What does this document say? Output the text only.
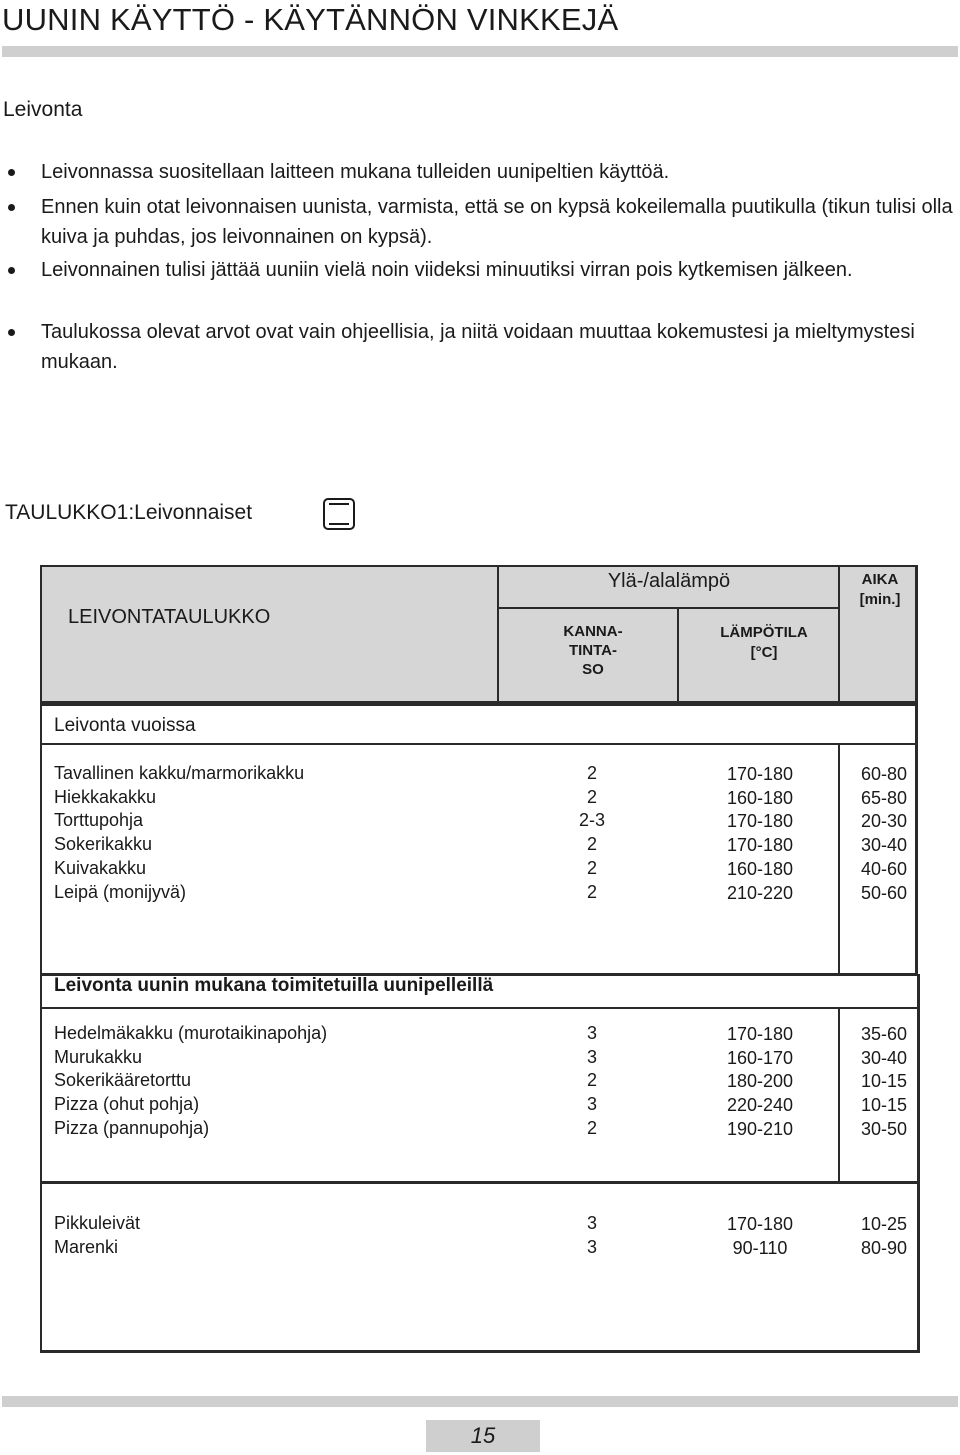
UUNIN KÄYTTÖ - KÄYTÄNNÖN VINKKEJÄ
Leivonta
Leivonnassa suositellaan laitteen mukana tulleiden uunipeltien käyttöä.
Ennen kuin otat leivonnaisen uunista, varmista, että se on kypsä kokeilemalla puutikulla (tikun tulisi olla kuiva ja puhdas, jos leivonnainen on kypsä).
Leivonnainen tulisi jättää uuniin vielä noin viideksi minuutiksi virran pois kytkemisen jälkeen.
Taulukossa olevat arvot ovat vain ohjeellisia, ja niitä voidaan muuttaa kokemustesi ja mieltymystesi mukaan.

TAULUKKO1:Leivonnaiset

LEIVONTATAULUKKO
Ylä-/alalämpö
KANNA-
TINTA-
SO
LÄMPÖTILA
[°C]
AIKA
[min.]
Leivonta vuoissa
Tavallinen kakku/marmorikakku
Hiekkakakku
Torttupohja
Sokerikakku
Kuivakakku
Leipä (monijyvä)
2
2
2-3
2
2
2
170-180
160-180
170-180
170-180
160-180
210-220
60-80
65-80
20-30
30-40
40-60
50-60
Leivonta uunin mukana toimitetuilla uunipelleillä
Hedelmäkakku (murotaikinapohja)
Murukakku
Sokerikääretorttu
Pizza (ohut pohja)
Pizza (pannupohja)
3
3
2
3
2
170-180
160-170
180-200
220-240
190-210
35-60
30-40
10-15
10-15
30-50
Pikkuleivät
Marenki
3
3
170-180
90-110
10-25
80-90
15
